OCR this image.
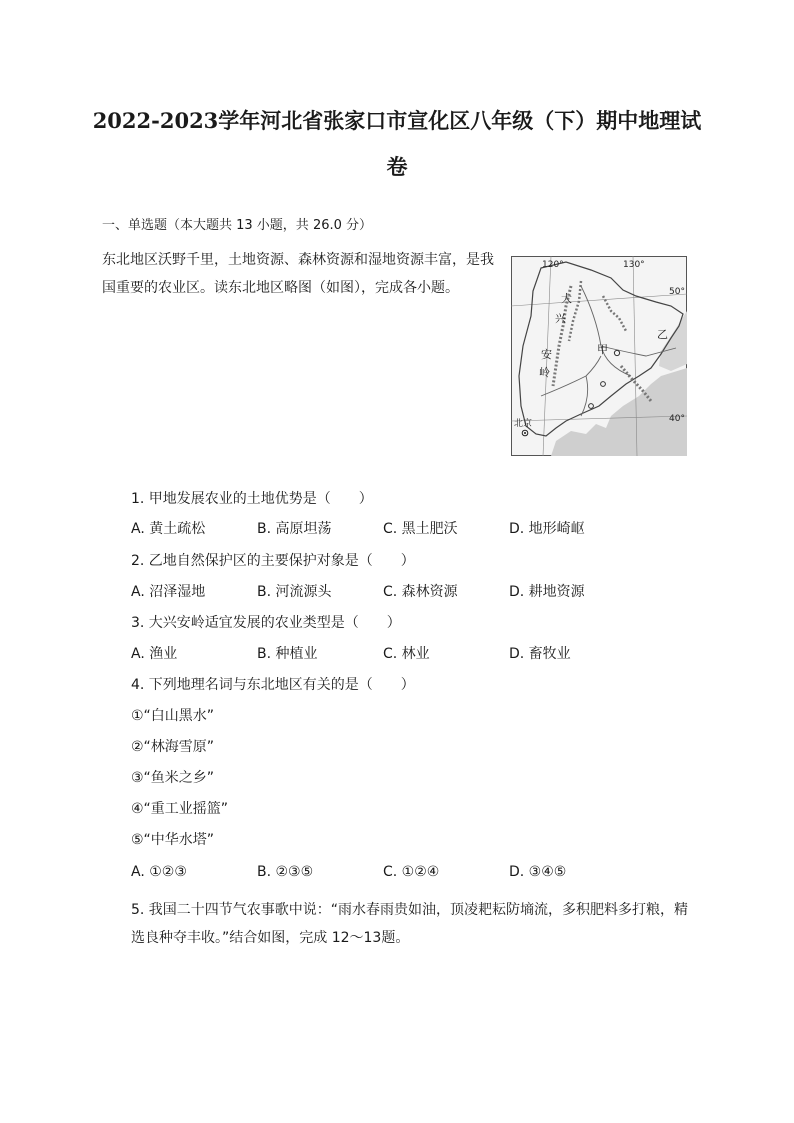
2022-2023学年河北省张家口市宣化区八年级（下）期中地理试
卷
一、单选题（本大题共 13 小题，共 26.0 分）
东北地区沃野千里，土地资源、森林资源和湿地资源丰富，是我国重要的农业区。读东北地区略图（如图），完成各小题。
120°	130°
50°
40°
大
兴
安
岭
甲
乙
北京
1. 甲地发展农业的土地优势是（　　）
A. 黄土疏松	B. 高原坦荡	C. 黑土肥沃	D. 地形崎岖
2. 乙地自然保护区的主要保护对象是（　　）
A. 沼泽湿地	B. 河流源头	C. 森林资源	D. 耕地资源
3. 大兴安岭适宜发展的农业类型是（　　）
A. 渔业	B. 种植业	C. 林业	D. 畜牧业
4. 下列地理名词与东北地区有关的是（　　）
①“白山黑水”
②“林海雪原”
③“鱼米之乡”
④“重工业摇篮”
⑤“中华水塔”
A. ①②③	B. ②③⑤	C. ①②④	D. ③④⑤
5. 我国二十四节气农事歌中说：“雨水春雨贵如油，顶凌耙耘防墒流，多积肥料多打粮，精选良种夺丰收。”结合如图，完成 12～13题。
